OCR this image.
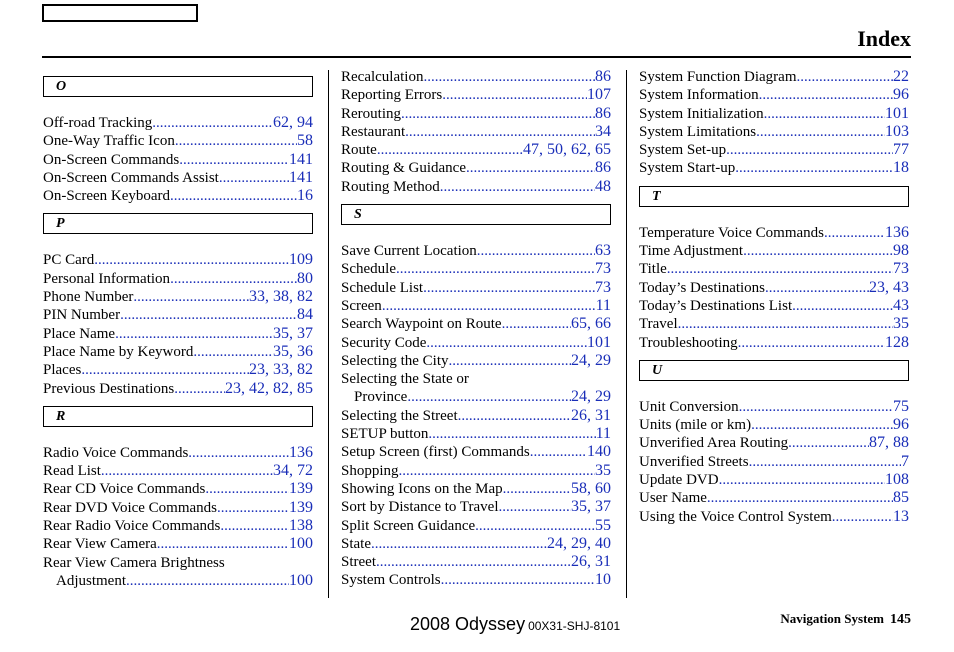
Index
O
Off-road Tracking .....	62, 94
One-Way Traffic Icon .....	58
On-Screen Commands .....	141
On-Screen Commands Assist .....	141
On-Screen Keyboard .....	16
P
PC Card .....	109
Personal Information .....	80
Phone Number .....	33, 38, 82
PIN Number .....	84
Place Name .....	35, 37
Place Name by Keyword .....	35, 36
Places .....	23, 33, 82
Previous Destinations .....	23, 42, 82, 85
R
Radio Voice Commands .....	136
Read List .....	34, 72
Rear CD Voice Commands .....	139
Rear DVD Voice Commands .....	139
Rear Radio Voice Commands .....	138
Rear View Camera .....	100
Rear View Camera Brightness
Adjustment .....	100
Recalculation .....	86
Reporting Errors .....	107
Rerouting .....	86
Restaurant .....	34
Route .....	47, 50, 62, 65
Routing & Guidance .....	86
Routing Method .....	48
S
Save Current Location .....	63
Schedule .....	73
Schedule List .....	73
Screen .....	11
Search Waypoint on Route .....	65, 66
Security Code .....	101
Selecting the City .....	24, 29
Selecting the State or
Province .....	24, 29
Selecting the Street .....	26, 31
SETUP button .....	11
Setup Screen (first) Commands .....	140
Shopping .....	35
Showing Icons on the Map .....	58, 60
Sort by Distance to Travel .....	35, 37
Split Screen Guidance .....	55
State .....	24, 29, 40
Street .....	26, 31
System Controls .....	10
System Function Diagram .....	22
System Information .....	96
System Initialization .....	101
System Limitations .....	103
System Set-up .....	77
System Start-up .....	18
T
Temperature Voice Commands .....	136
Time Adjustment .....	98
Title .....	73
Today’s Destinations .....	23, 43
Today’s Destinations List .....	43
Travel .....	35
Troubleshooting .....	128
U
Unit Conversion .....	75
Units (mile or km) .....	96
Unverified Area Routing .....	87, 88
Unverified Streets .....	7
Update DVD .....	108
User Name .....	85
Using the Voice Control System .....	13
2008 Odyssey 00X31-SHJ-8101	Navigation System 145
